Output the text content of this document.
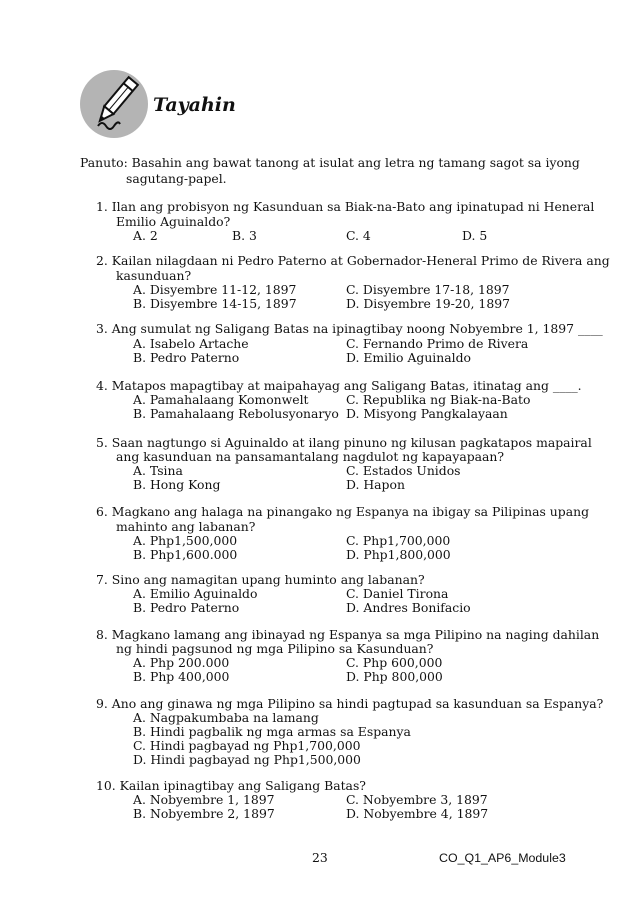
Tayahin
Panuto: Basahin ang bawat tanong at isulat ang letra ng tamang sagot sa iyong
sagutang-papel.
1. Ilan ang probisyon ng Kasunduan sa Biak-na-Bato ang ipinatupad ni Heneral
Emilio Aguinaldo?
A. 2	B. 3	C. 4	D. 5
2. Kailan nilagdaan ni Pedro Paterno at Gobernador-Heneral Primo de Rivera ang
kasunduan?
A. Disyembre 11-12, 1897	C. Disyembre 17-18, 1897
B. Disyembre 14-15, 1897	D. Disyembre 19-20, 1897
3. Ang sumulat ng Saligang Batas na ipinagtibay noong Nobyembre 1, 1897 ____
A. Isabelo Artache	C. Fernando Primo de Rivera
B. Pedro Paterno	D. Emilio Aguinaldo
4. Matapos mapagtibay at maipahayag ang Saligang Batas, itinatag ang ____.
A. Pamahalaang Komonwelt	C. Republika ng Biak-na-Bato
B. Pamahalaang Rebolusyonaryo D. Misyong Pangkalayaan
5. Saan nagtungo si Aguinaldo at ilang pinuno ng kilusan pagkatapos mapairal
ang kasunduan na pansamantalang nagdulot ng kapayapaan?
A. Tsina	C. Estados Unidos
B. Hong Kong	D. Hapon
6. Magkano ang halaga na pinangako ng Espanya na ibigay sa Pilipinas upang
mahinto ang labanan?
A. Php1,500,000	C. Php1,700,000
B. Php1,600.000	D. Php1,800,000
7. Sino ang namagitan upang huminto ang labanan?
A. Emilio Aguinaldo	C. Daniel Tirona
B. Pedro Paterno	D. Andres Bonifacio
8. Magkano lamang ang ibinayad ng Espanya sa mga Pilipino na naging dahilan
ng hindi pagsunod ng mga Pilipino sa Kasunduan?
A. Php 200.000	C. Php 600,000
B. Php 400,000	D. Php 800,000
9. Ano ang ginawa ng mga Pilipino sa hindi pagtupad sa kasunduan sa Espanya?
A. Nagpakumbaba na lamang
B. Hindi pagbalik ng mga armas sa Espanya
C. Hindi pagbayad ng Php1,700,000
D. Hindi pagbayad ng Php1,500,000
10. Kailan ipinagtibay ang Saligang Batas?
A. Nobyembre 1, 1897	C. Nobyembre 3, 1897
B. Nobyembre 2, 1897	D. Nobyembre 4, 1897
23	CO_Q1_AP6_Module3
